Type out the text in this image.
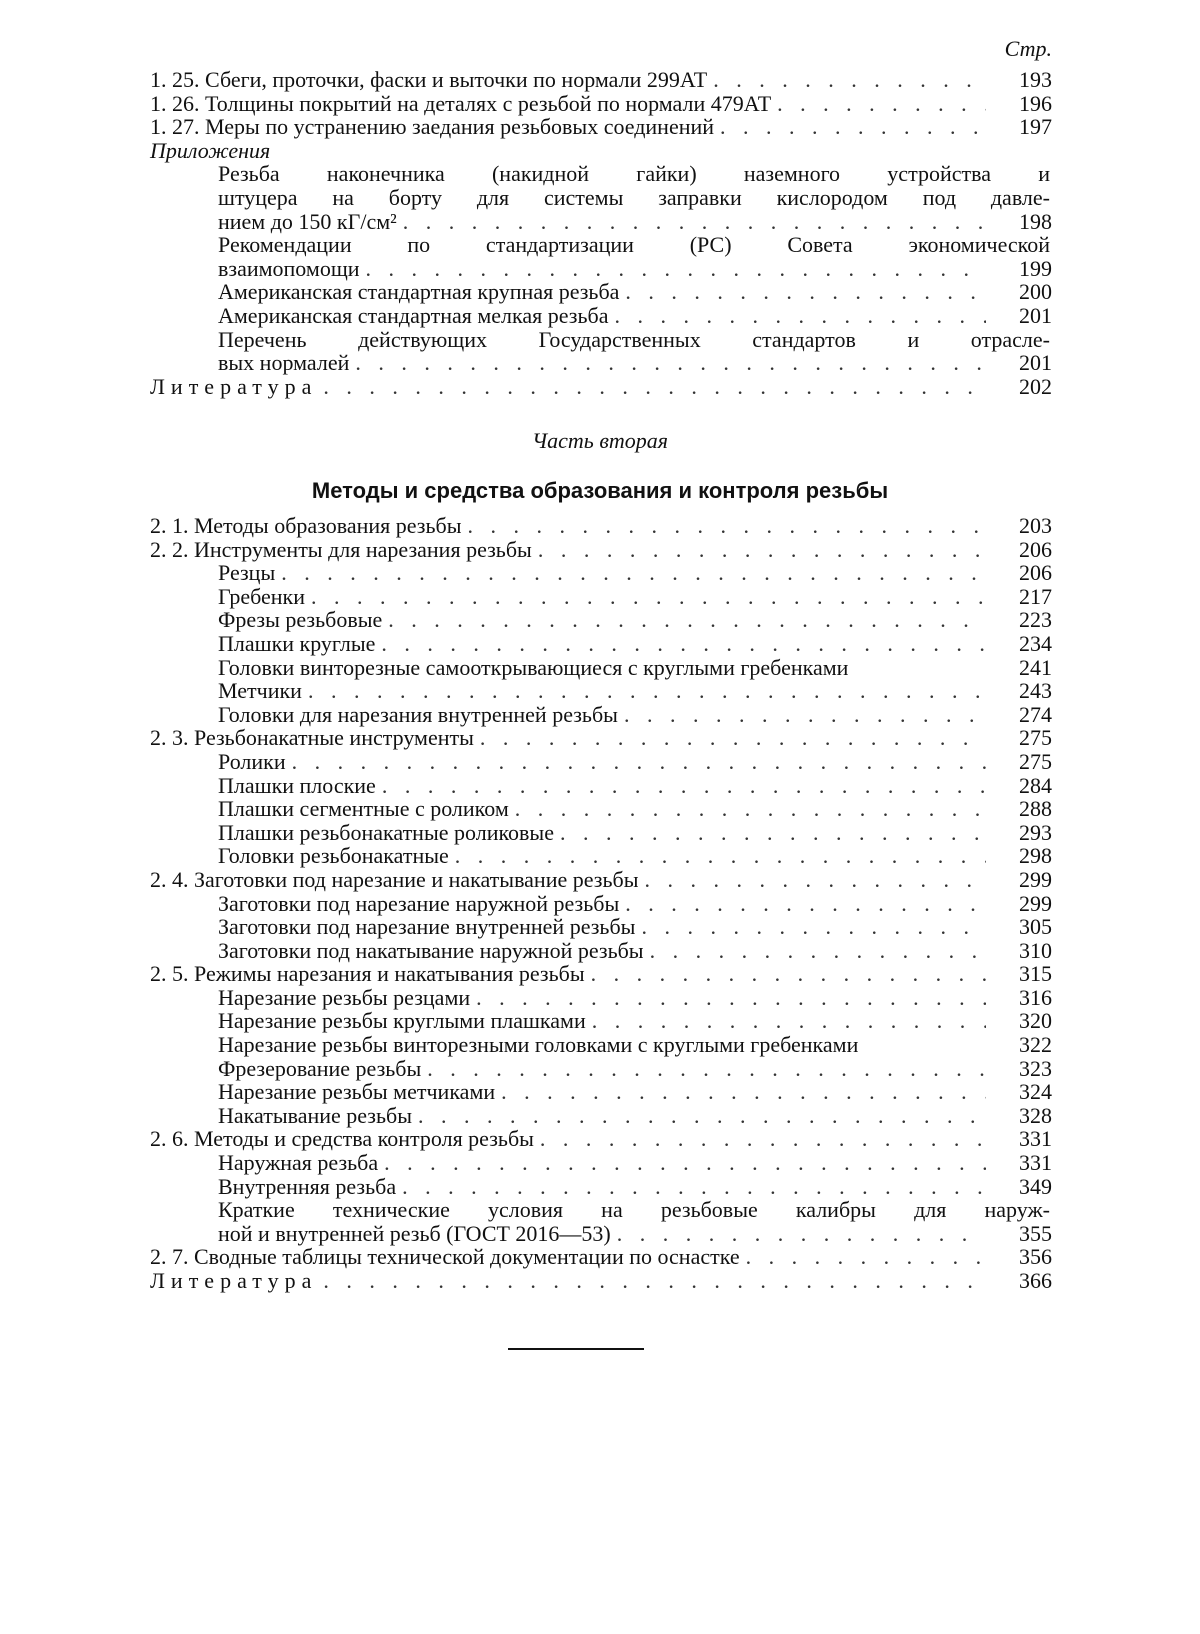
Стр.
1. 25. Сбеги, проточки, фаски и выточки по нормали 299АТ . . .	193
1. 26. Толщины покрытий на деталях с резьбой по нормали 479АТ . . .	196
1. 27. Меры по устранению заедания резьбовых соединений . . .	197
Приложения
Резьба наконечника (накидной гайки) наземного устройства и
штуцера на борту для системы заправки кислородом под давле-
нием до 150 кГ/см² . . .	198
Рекомендации по стандартизации (РС) Совета экономической
взаимопомощи . . .	199
Американская стандартная крупная резьба . . .	200
Американская стандартная мелкая резьба . . .	201
Перечень действующих Государственных стандартов и отрасле-
вых нормалей . . .	201
Литература . . .	202
Часть вторая
Методы и средства образования и контроля резьбы
2. 1. Методы образования резьбы . . .	203
2. 2. Инструменты для нарезания резьбы . . .	206
Резцы . . .	206
Гребенки . . .	217
Фрезы резьбовые . . .	223
Плашки круглые . . .	234
Головки винторезные самооткрывающиеся с круглыми гребенками	241
Метчики . . .	243
Головки для нарезания внутренней резьбы . . .	274
2. 3. Резьбонакатные инструменты . . .	275
Ролики . . .	275
Плашки плоские . . .	284
Плашки сегментные с роликом . . .	288
Плашки резьбонакатные роликовые . . .	293
Головки резьбонакатные . . .	298
2. 4. Заготовки под нарезание и накатывание резьбы . . .	299
Заготовки под нарезание наружной резьбы . . .	299
Заготовки под нарезание внутренней резьбы . . .	305
Заготовки под накатывание наружной резьбы . . .	310
2. 5. Режимы нарезания и накатывания резьбы . . .	315
Нарезание резьбы резцами . . .	316
Нарезание резьбы круглыми плашками . . .	320
Нарезание резьбы винторезными головками с круглыми гребенками	322
Фрезерование резьбы . . .	323
Нарезание резьбы метчиками . . .	324
Накатывание резьбы . . .	328
2. 6. Методы и средства контроля резьбы . . .	331
Наружная резьба . . .	331
Внутренняя резьба . . .	349
Краткие технические условия на резьбовые калибры для наруж-
ной и внутренней резьб (ГОСТ 2016—53) . . .	355
2. 7. Сводные таблицы технической документации по оснастке . . .	356
Литература . . .	366
